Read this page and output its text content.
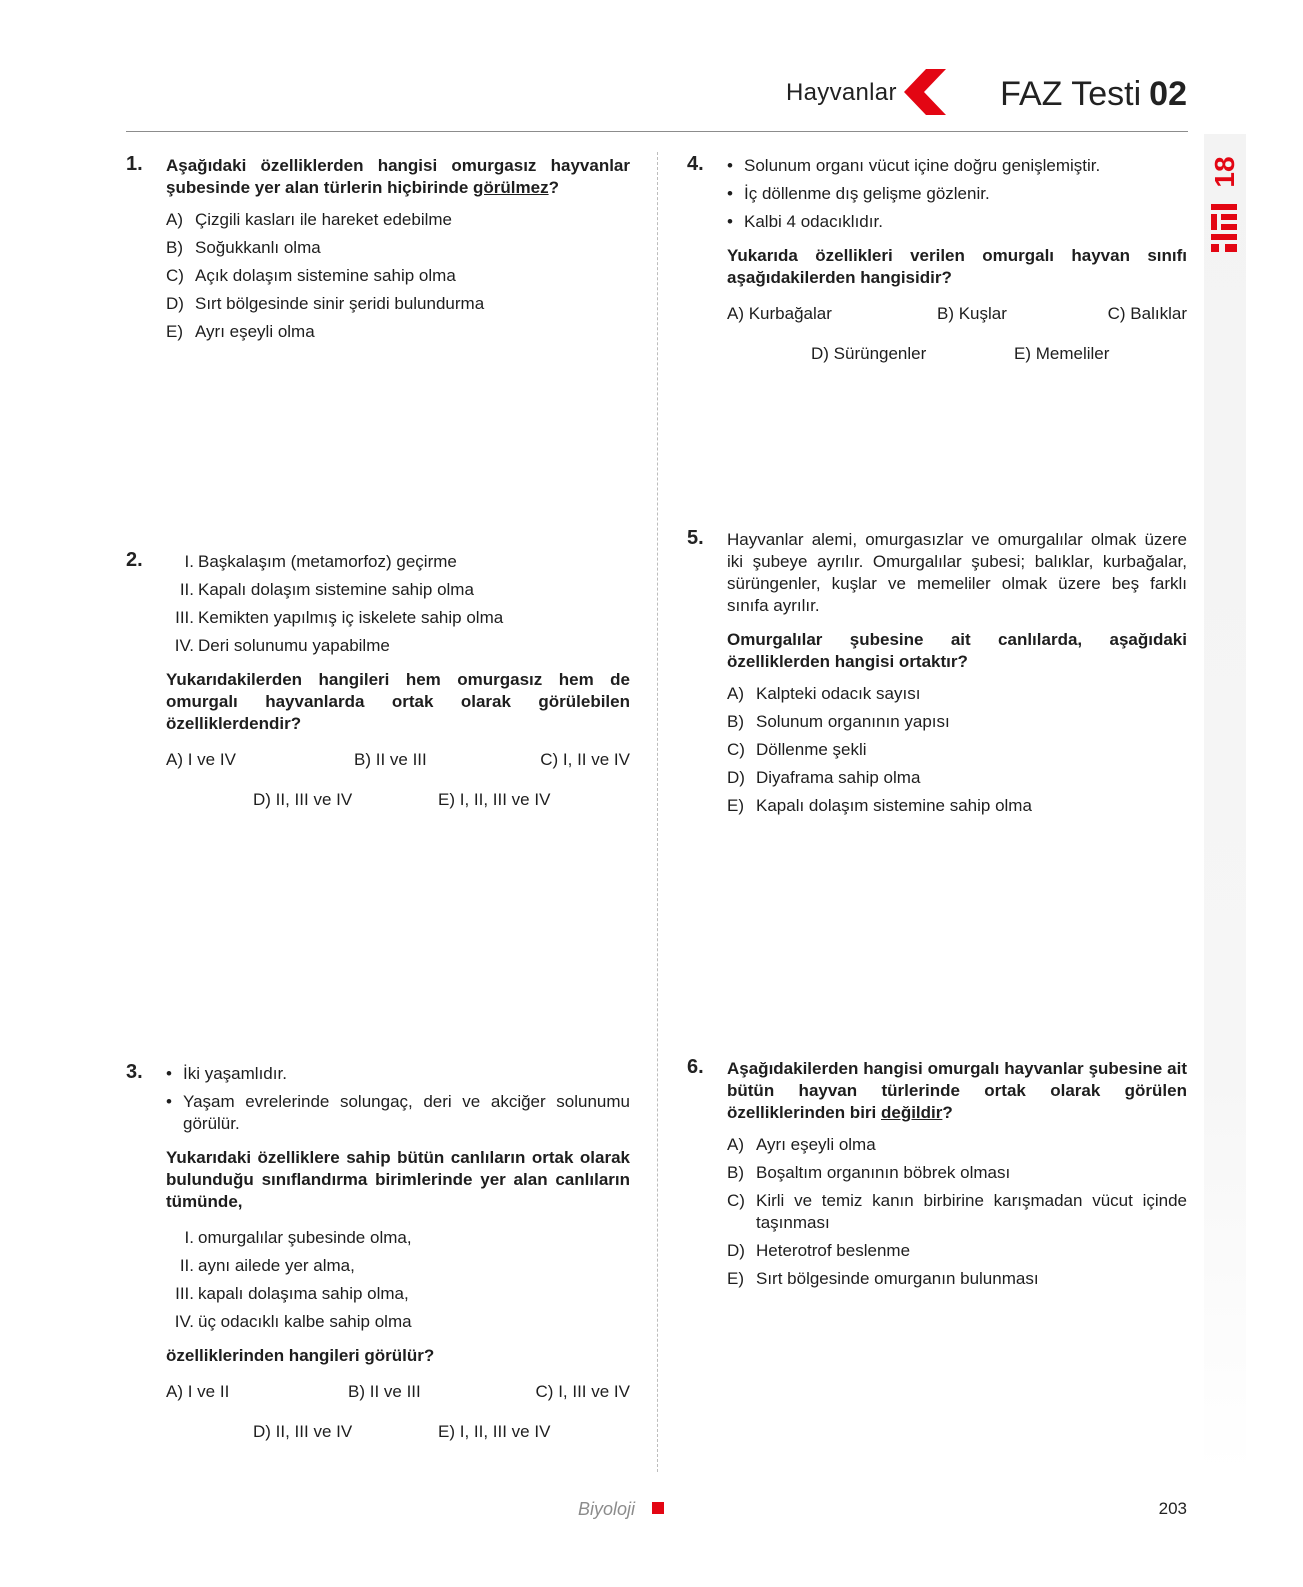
Hayvanlar	FAZ Testi 02
18
1. Aşağıdaki özelliklerden hangisi omurgasız hayvanlar şubesinde yer alan türlerin hiçbirinde görülmez?
A) Çizgili kasları ile hareket edebilme
B) Soğukkanlı olma
C) Açık dolaşım sistemine sahip olma
D) Sırt bölgesinde sinir şeridi bulundurma
E) Ayrı eşeyli olma
2.	I. Başkalaşım (metamorfoz) geçirme
II. Kapalı dolaşım sistemine sahip olma
III. Kemikten yapılmış iç iskelete sahip olma
IV. Deri solunumu yapabilme
Yukarıdakilerden hangileri hem omurgasız hem de omurgalı hayvanlarda ortak olarak görülebilen özelliklerdendir?
A) I ve IV	B) II ve III	C) I, II ve IV
D) II, III ve IV	E) I, II, III ve IV
3. • İki yaşamlıdır.
• Yaşam evrelerinde solungaç, deri ve akciğer solunumu görülür.
Yukarıdaki özelliklere sahip bütün canlıların ortak olarak bulunduğu sınıflandırma birimlerinde yer alan canlıların tümünde,
I. omurgalılar şubesinde olma,
II. aynı ailede yer alma,
III. kapalı dolaşıma sahip olma,
IV. üç odacıklı kalbe sahip olma
özelliklerinden hangileri görülür?
A) I ve II	B) II ve III	C) I, III ve IV
D) II, III ve IV	E) I, II, III ve IV
4. • Solunum organı vücut içine doğru genişlemiştir.
• İç döllenme dış gelişme gözlenir.
• Kalbi 4 odacıklıdır.
Yukarıda özellikleri verilen omurgalı hayvan sınıfı aşağıdakilerden hangisidir?
A) Kurbağalar	B) Kuşlar	C) Balıklar
D) Sürüngenler	E) Memeliler
5. Hayvanlar alemi, omurgasızlar ve omurgalılar olmak üzere iki şubeye ayrılır. Omurgalılar şubesi; balıklar, kurbağalar, sürüngenler, kuşlar ve memeliler olmak üzere beş farklı sınıfa ayrılır.
Omurgalılar şubesine ait canlılarda, aşağıdaki özelliklerden hangisi ortaktır?
A) Kalpteki odacık sayısı
B) Solunum organının yapısı
C) Döllenme şekli
D) Diyaframa sahip olma
E) Kapalı dolaşım sistemine sahip olma
6. Aşağıdakilerden hangisi omurgalı hayvanlar şubesine ait bütün hayvan türlerinde ortak olarak görülen özelliklerinden biri değildir?
A) Ayrı eşeyli olma
B) Boşaltım organının böbrek olması
C) Kirli ve temiz kanın birbirine karışmadan vücut içinde taşınması
D) Heterotrof beslenme
E) Sırt bölgesinde omurganın bulunması
Biyoloji	203
